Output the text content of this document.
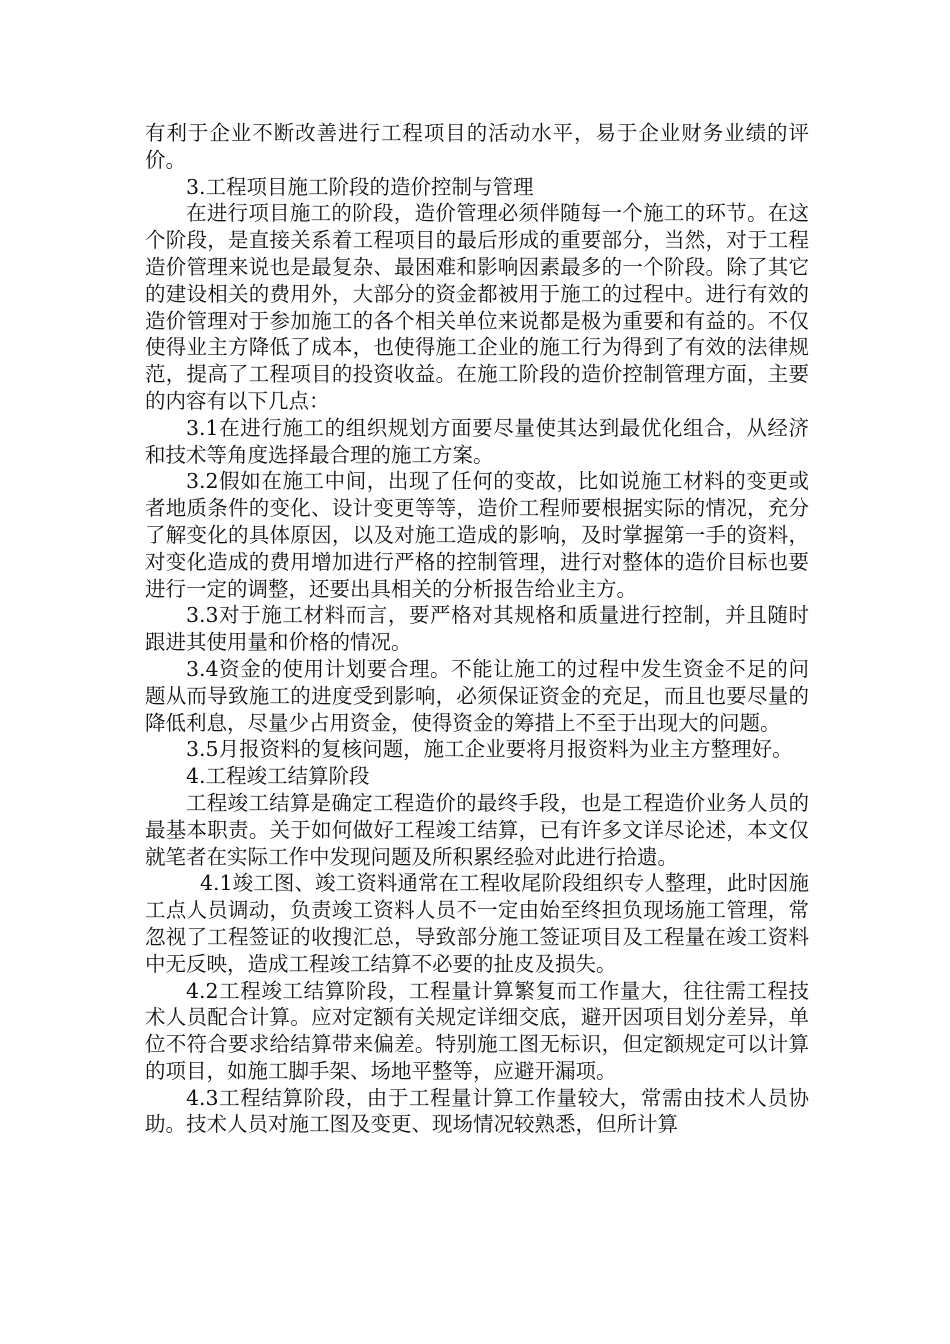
有利于企业不断改善进行工程项目的活动水平，易于企业财务业绩的评价。

3.工程项目施工阶段的造价控制与管理

在进行项目施工的阶段，造价管理必须伴随每一个施工的环节。在这个阶段，是直接关系着工程项目的最后形成的重要部分，当然，对于工程造价管理来说也是最复杂、最困难和影响因素最多的一个阶段。除了其它的建设相关的费用外，大部分的资金都被用于施工的过程中。进行有效的造价管理对于参加施工的各个相关单位来说都是极为重要和有益的。不仅使得业主方降低了成本，也使得施工企业的施工行为得到了有效的法律规范，提高了工程项目的投资收益。在施工阶段的造价控制管理方面，主要的内容有以下几点：

3.1在进行施工的组织规划方面要尽量使其达到最优化组合，从经济和技术等角度选择最合理的施工方案。

3.2假如在施工中间，出现了任何的变故，比如说施工材料的变更或者地质条件的变化、设计变更等等，造价工程师要根据实际的情况，充分了解变化的具体原因，以及对施工造成的影响，及时掌握第一手的资料，对变化造成的费用增加进行严格的控制管理，进行对整体的造价目标也要进行一定的调整，还要出具相关的分析报告给业主方。

3.3对于施工材料而言，要严格对其规格和质量进行控制，并且随时跟进其使用量和价格的情况。

3.4资金的使用计划要合理。不能让施工的过程中发生资金不足的问题从而导致施工的进度受到影响，必须保证资金的充足，而且也要尽量的降低利息，尽量少占用资金，使得资金的筹措上不至于出现大的问题。

3.5月报资料的复核问题，施工企业要将月报资料为业主方整理好。

4.工程竣工结算阶段

工程竣工结算是确定工程造价的最终手段，也是工程造价业务人员的最基本职责。关于如何做好工程竣工结算，已有许多文详尽论述，本文仅就笔者在实际工作中发现问题及所积累经验对此进行拾遗。

4.1竣工图、竣工资料通常在工程收尾阶段组织专人整理，此时因施工点人员调动，负责竣工资料人员不一定由始至终担负现场施工管理，常忽视了工程签证的收搜汇总，导致部分施工签证项目及工程量在竣工资料中无反映，造成工程竣工结算不必要的扯皮及损失。

4.2工程竣工结算阶段，工程量计算繁复而工作量大，往往需工程技术人员配合计算。应对定额有关规定详细交底，避开因项目划分差异，单位不符合要求给结算带来偏差。特别施工图无标识，但定额规定可以计算的项目，如施工脚手架、场地平整等，应避开漏项。

4.3工程结算阶段，由于工程量计算工作量较大，常需由技术人员协助。技术人员对施工图及变更、现场情况较熟悉，但所计算
